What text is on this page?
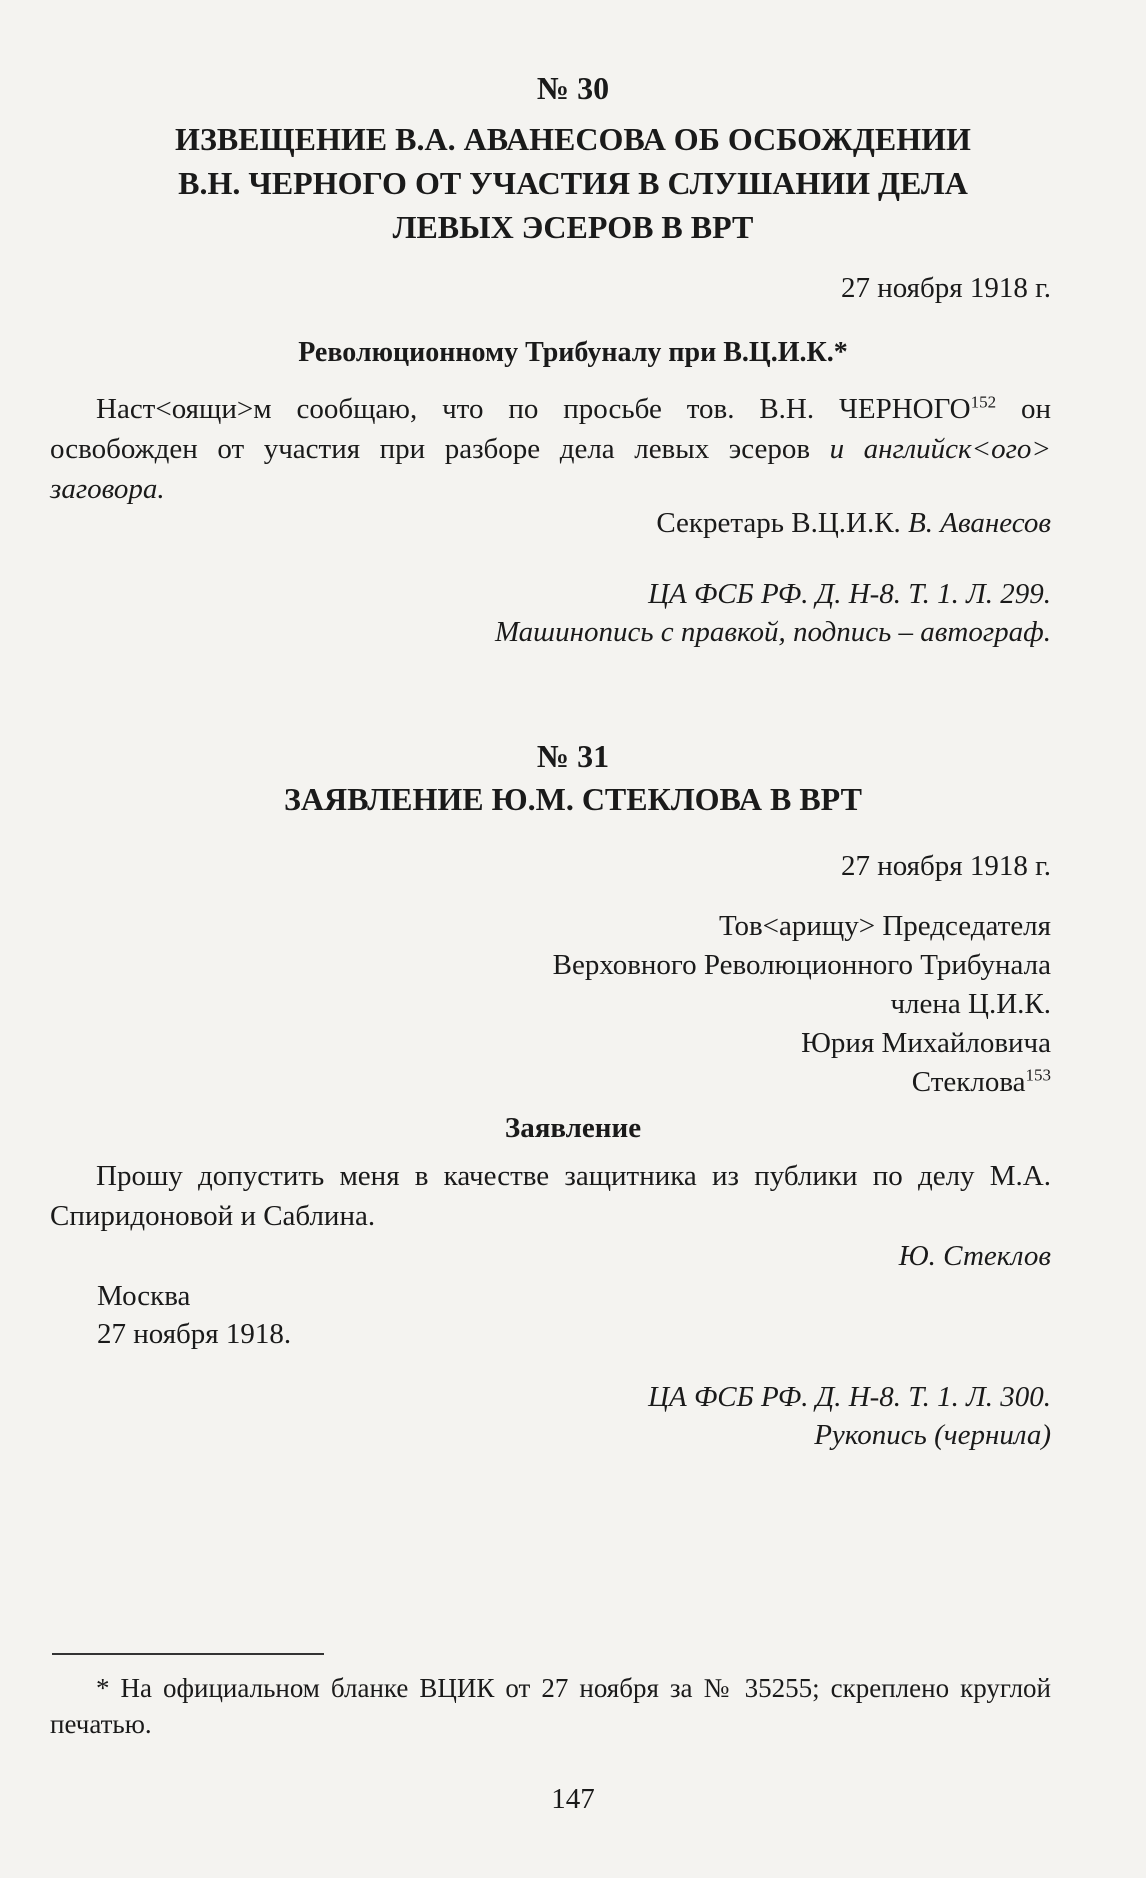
№ 30
ИЗВЕЩЕНИЕ В.А. АВАНЕСОВА ОБ ОСБОЖДЕНИИ
В.Н. ЧЕРНОГО ОТ УЧАСТИЯ В СЛУШАНИИ ДЕЛА
ЛЕВЫХ ЭСЕРОВ В ВРТ
27 ноября 1918 г.
Революционному Трибуналу при В.Ц.И.К.*
Наст<оящи>м сообщаю, что по просьбе тов. В.Н. ЧЕРНОГО$^{152}$ он освобожден от участия при разборе дела левых эсеров и английск<ого> заговора.
Секретарь В.Ц.И.К. В. Аванесов
ЦА ФСБ РФ. Д. Н-8. Т. 1. Л. 299.
Машинопись с правкой, подпись – автограф.
№ 31
ЗАЯВЛЕНИЕ Ю.М. СТЕКЛОВА В ВРТ
27 ноября 1918 г.
Тов<арищу> Председателя
Верховного Революционного Трибунала
члена Ц.И.К.
Юрия Михайловича
Стеклова$^{153}$
Заявление
Прошу допустить меня в качестве защитника из публики по делу М.А. Спиридоновой и Саблина.
Ю. Стеклов
Москва
27 ноября 1918.
ЦА ФСБ РФ. Д. Н-8. Т. 1. Л. 300.
Рукопись (чернила)
* На официальном бланке ВЦИК от 27 ноября за № 35255; скреплено круглой печатью.
147
